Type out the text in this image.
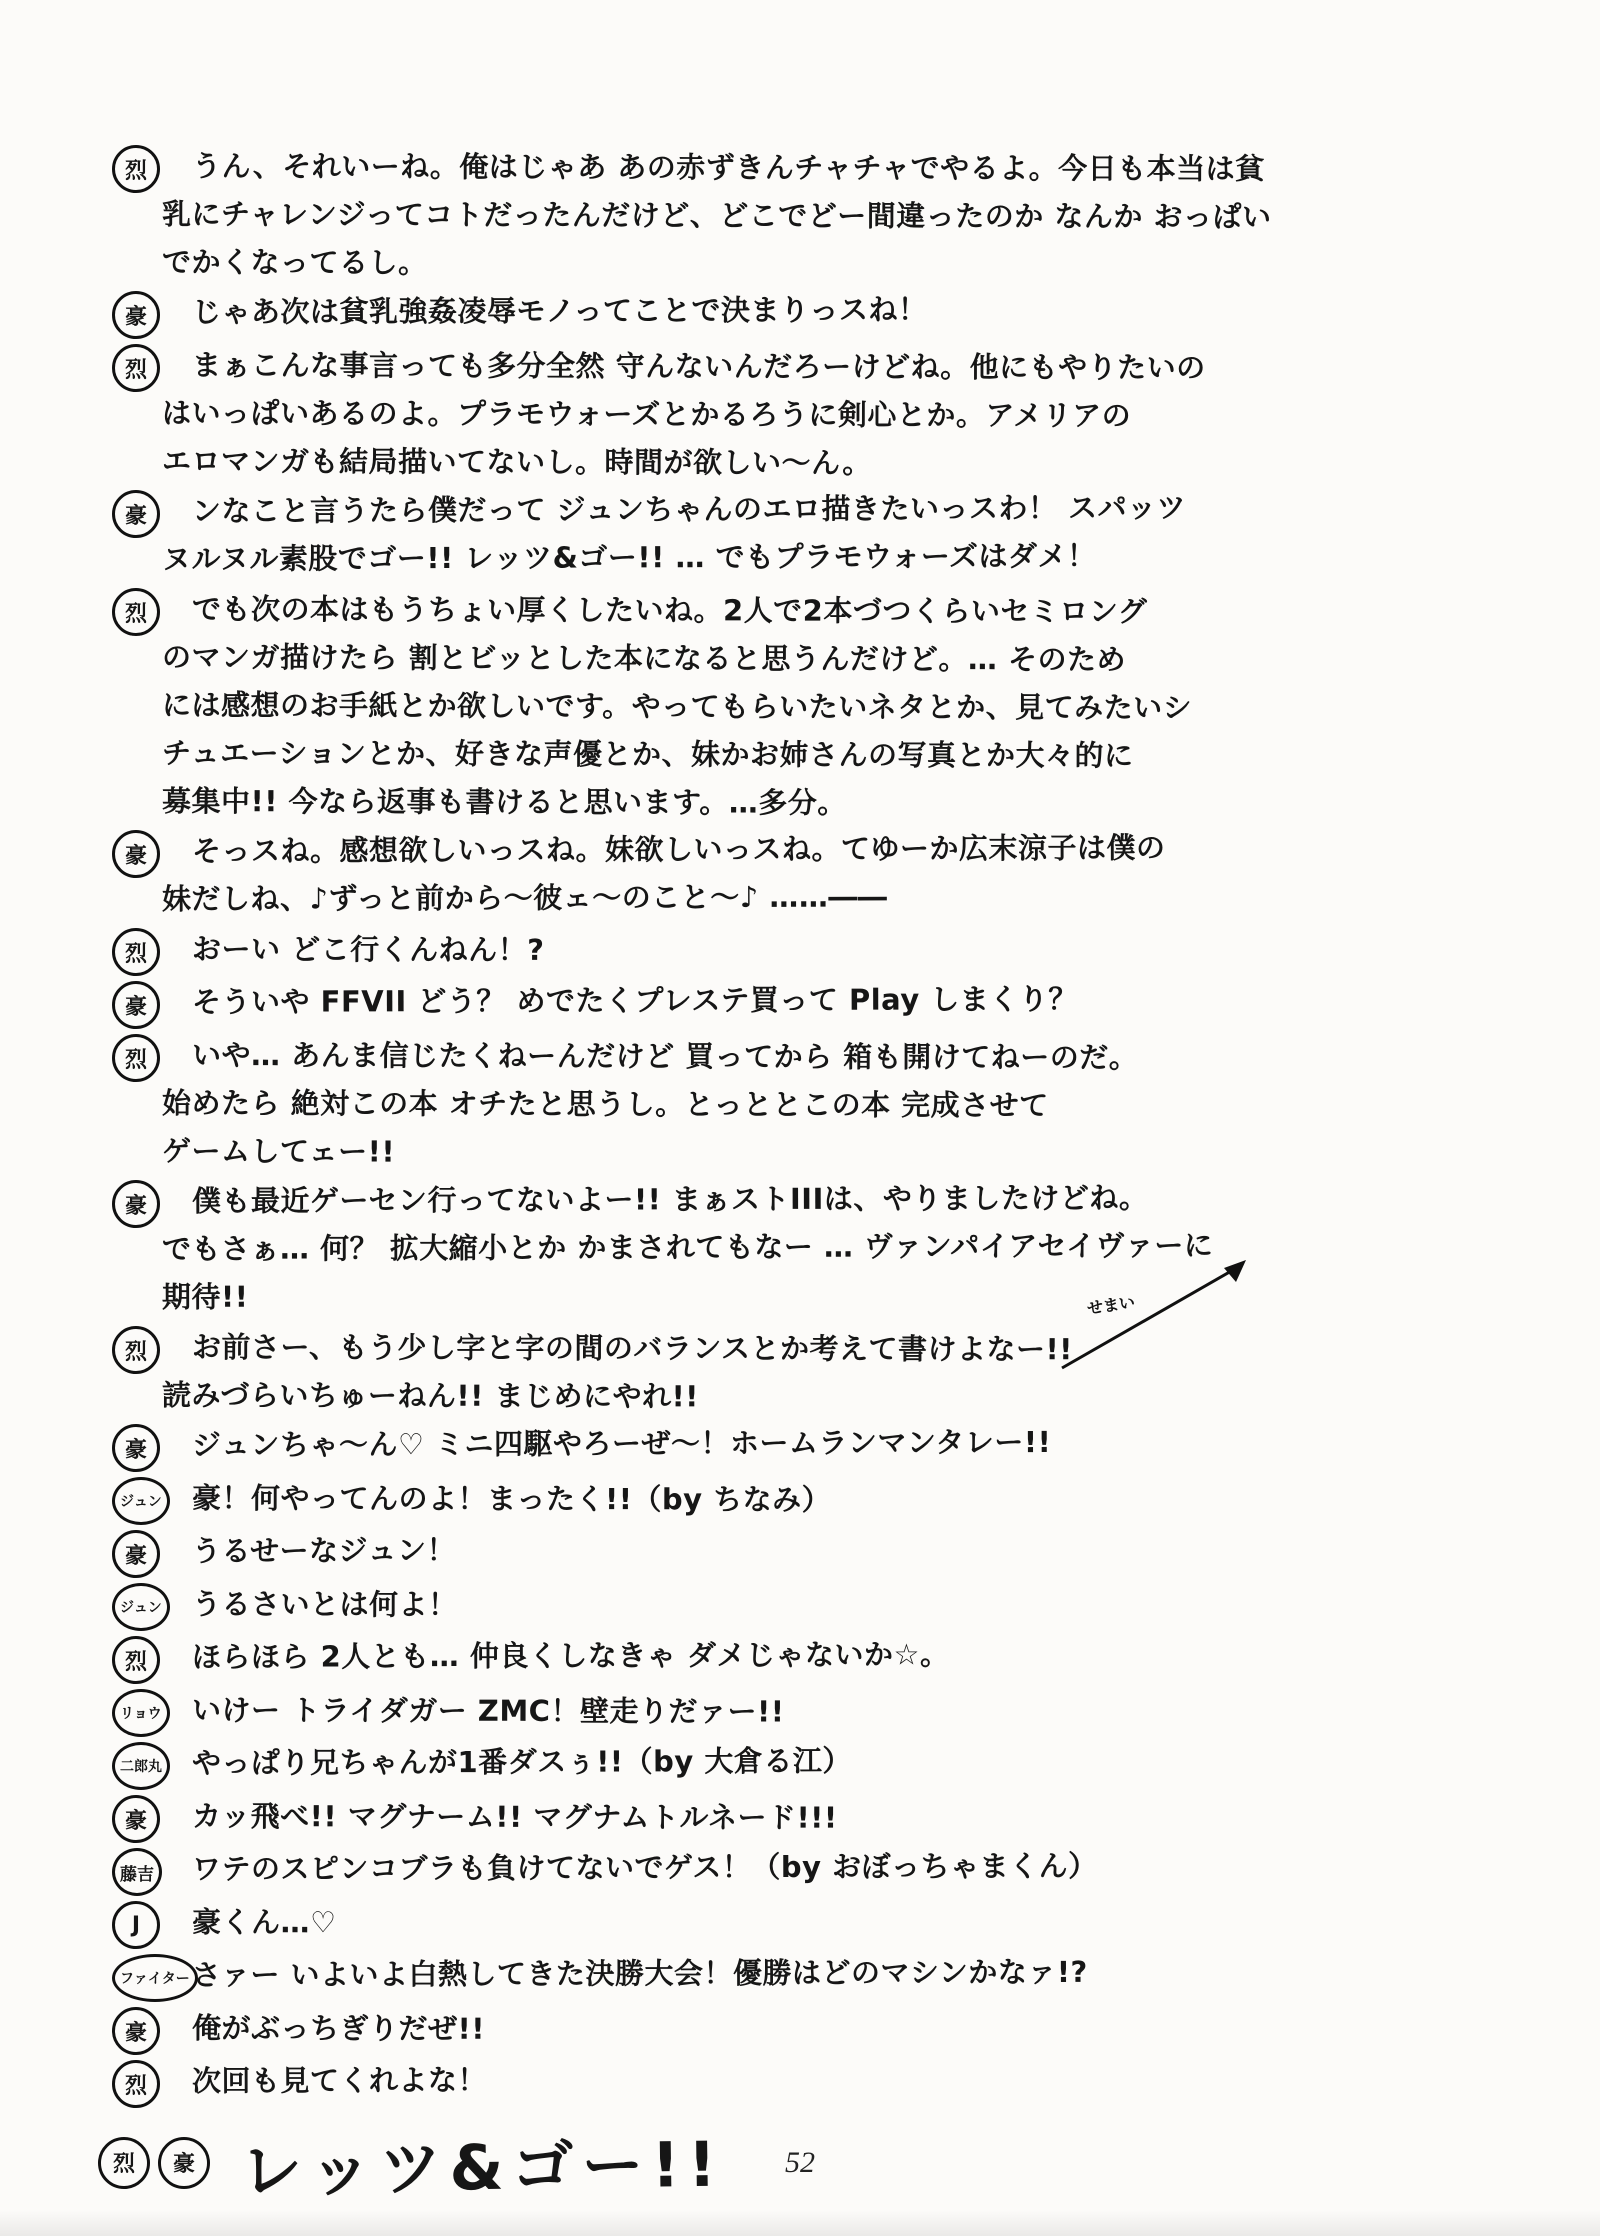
烈	うん、それいーね。俺はじゃあ あの赤ずきんチャチャでやるよ。今日も本当は貧
乳にチャレンジってコトだったんだけど、どこでどー間違ったのか なんか おっぱい
でかくなってるし。
豪	じゃあ次は貧乳強姦凌辱モノってことで決まりっスね！
烈	まぁこんな事言っても多分全然 守んないんだろーけどね。他にもやりたいの
はいっぱいあるのよ。プラモウォーズとかるろうに剣心とか。アメリアの
エロマンガも結局描いてないし。時間が欲しい〜ん。
豪	ンなこと言うたら僕だって ジュンちゃんのエロ描きたいっスわ！ スパッツ
ヌルヌル素股でゴー!! レッツ&ゴー!! … でもプラモウォーズはダメ！
烈	でも次の本はもうちょい厚くしたいね。2人で2本づつくらいセミロング
のマンガ描けたら 割とビッとした本になると思うんだけど。… そのため
には感想のお手紙とか欲しいです。やってもらいたいネタとか、見てみたいシ
チュエーションとか、好きな声優とか、妹かお姉さんの写真とか大々的に
募集中!! 今なら返事も書けると思います。…多分。
豪	そっスね。感想欲しいっスね。妹欲しいっスね。てゆーか広末涼子は僕の
妹だしね、♪ずっと前から〜彼ェ〜のこと〜♪ ……――
烈	おーい どこ行くんねん！?
豪	そういや FFVII どう？ めでたくプレステ買って Play しまくり？
烈	いや… あんま信じたくねーんだけど 買ってから 箱も開けてねーのだ。
始めたら 絶対この本 オチたと思うし。とっととこの本 完成させて
ゲームしてェー!!
豪	僕も最近ゲーセン行ってないよー!! まぁストIIIは、やりましたけどね。
でもさぁ… 何？ 拡大縮小とか かまされてもなー … ヴァンパイアセイヴァーに
期待!!
烈	お前さー、もう少し字と字の間のバランスとか考えて書けよなー!!
読みづらいちゅーねん!! まじめにやれ!!
豪	ジュンちゃ〜ん♡ ミニ四駆やろーぜ〜！ホームランマンタレー!!
ジュン	豪！何やってんのよ！まったく!!（by ちなみ）
豪	うるせーなジュン！
ジュン	うるさいとは何よ！
烈	ほらほら 2人とも… 仲良くしなきゃ ダメじゃないか☆。
リョウ	いけー トライダガー ZMC！壁走りだァー!!
二郎丸	やっぱり兄ちゃんが1番ダスぅ!!（by 大倉る江）
豪	カッ飛べ!! マグナーム!! マグナムトルネード!!!
藤吉	ワテのスピンコブラも負けてないでゲス！（by おぼっちゃまくん）
J	豪くん…♡
ファイター さァー いよいよ白熱してきた決勝大会！優勝はどのマシンかなァ!?
豪	俺がぶっちぎりだぜ!!
烈	次回も見てくれよな！
烈	豪 レッツ&ゴー!!
せまい
52
